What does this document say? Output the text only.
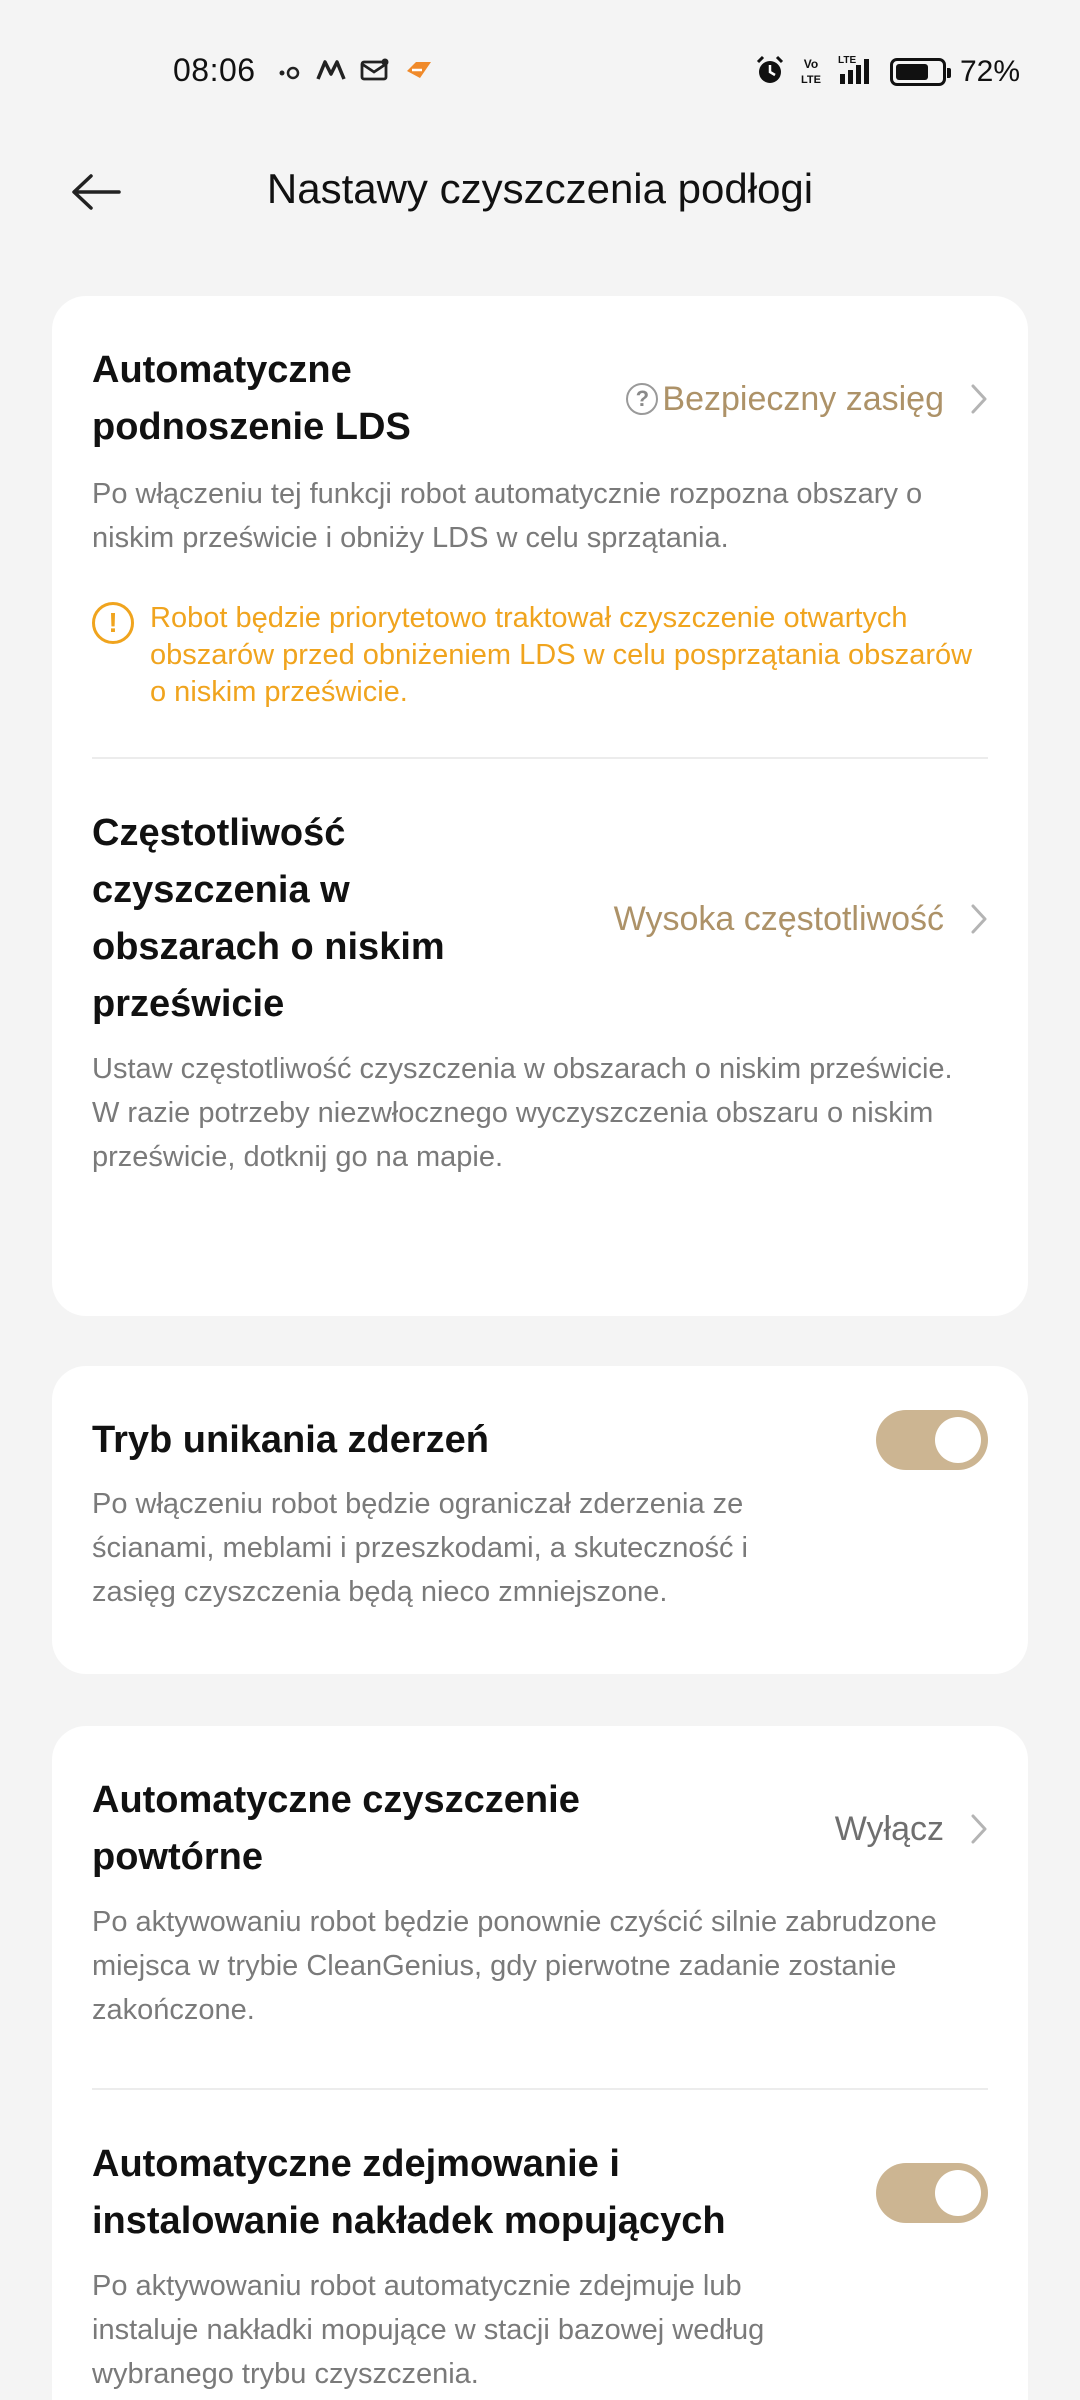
08:06	Vo
LTE
LTE	72%
Nastawy czyszczenia podłogi
Automatyczne podnoszenie LDS
? Bezpieczny zasięg
Po włączeniu tej funkcji robot automatycznie rozpozna obszary o niskim prześwicie i obniży LDS w celu sprzątania.
!	Robot będzie priorytetowo traktował czyszczenie otwartych obszarów przed obniżeniem LDS w celu posprzątania obszarów o niskim prześwicie.
Częstotliwość czyszczenia w obszarach o niskim prześwicie
Wysoka częstotliwość
Ustaw częstotliwość czyszczenia w obszarach o niskim prześwicie. W razie potrzeby niezwłocznego wyczyszczenia obszaru o niskim prześwicie, dotknij go na mapie.
Tryb unikania zderzeń
Po włączeniu robot będzie ograniczał zderzenia ze ścianami, meblami i przeszkodami, a skuteczność i zasięg czyszczenia będą nieco zmniejszone.
Automatyczne czyszczenie powtórne
Wyłącz
Po aktywowaniu robot będzie ponownie czyścić silnie zabrudzone miejsca w trybie CleanGenius, gdy pierwotne zadanie zostanie zakończone.
Automatyczne zdejmowanie i instalowanie nakładek mopujących
Po aktywowaniu robot automatycznie zdejmuje lub instaluje nakładki mopujące w stacji bazowej według wybranego trybu czyszczenia.
